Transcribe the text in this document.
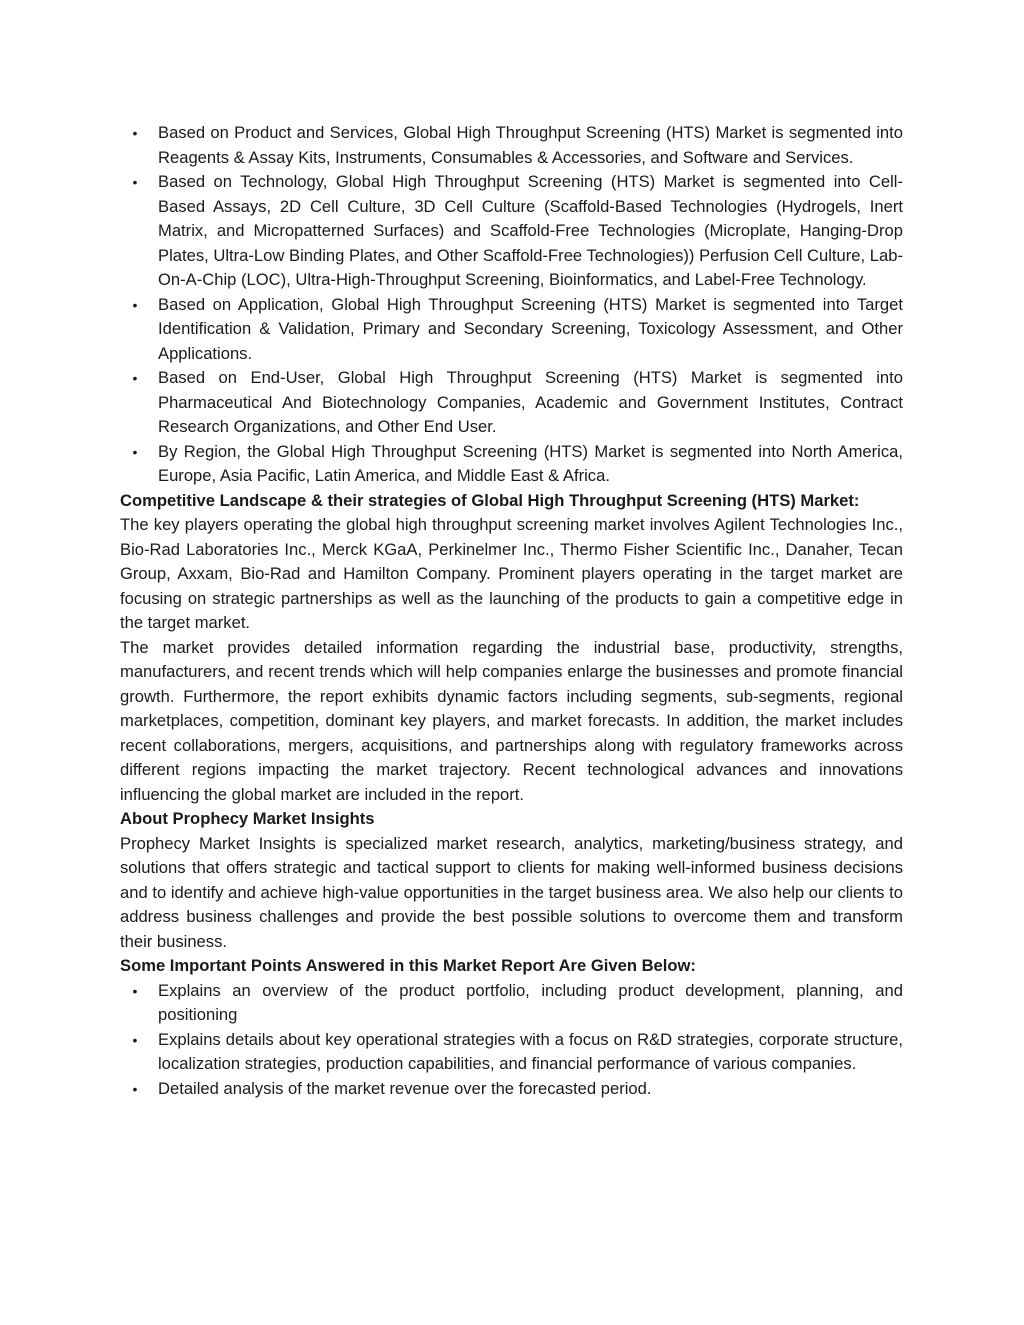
• Based on Product and Services, Global High Throughput Screening (HTS) Market is segmented into Reagents & Assay Kits, Instruments, Consumables & Accessories, and Software and Services.
• Based on Technology, Global High Throughput Screening (HTS) Market is segmented into Cell-Based Assays, 2D Cell Culture, 3D Cell Culture (Scaffold-Based Technologies (Hydrogels, Inert Matrix, and Micropatterned Surfaces) and Scaffold-Free Technologies (Microplate, Hanging-Drop Plates, Ultra-Low Binding Plates, and Other Scaffold-Free Technologies)) Perfusion Cell Culture, Lab-On-A-Chip (LOC), Ultra-High-Throughput Screening, Bioinformatics, and Label-Free Technology.
• Based on Application, Global High Throughput Screening (HTS) Market is segmented into Target Identification & Validation, Primary and Secondary Screening, Toxicology Assessment, and Other Applications.
• Based on End-User, Global High Throughput Screening (HTS) Market is segmented into Pharmaceutical And Biotechnology Companies, Academic and Government Institutes, Contract Research Organizations, and Other End User.
• By Region, the Global High Throughput Screening (HTS) Market is segmented into North America, Europe, Asia Pacific, Latin America, and Middle East & Africa.
Competitive Landscape & their strategies of Global High Throughput Screening (HTS) Market:

The key players operating the global high throughput screening market involves Agilent Technologies Inc., Bio-Rad Laboratories Inc., Merck KGaA, Perkinelmer Inc., Thermo Fisher Scientific Inc., Danaher, Tecan Group, Axxam, Bio-Rad and Hamilton Company. Prominent players operating in the target market are focusing on strategic partnerships as well as the launching of the products to gain a competitive edge in the target market.

The market provides detailed information regarding the industrial base, productivity, strengths, manufacturers, and recent trends which will help companies enlarge the businesses and promote financial growth. Furthermore, the report exhibits dynamic factors including segments, sub-segments, regional marketplaces, competition, dominant key players, and market forecasts. In addition, the market includes recent collaborations, mergers, acquisitions, and partnerships along with regulatory frameworks across different regions impacting the market trajectory. Recent technological advances and innovations influencing the global market are included in the report.

About Prophecy Market Insights

Prophecy Market Insights is specialized market research, analytics, marketing/business strategy, and solutions that offers strategic and tactical support to clients for making well-informed business decisions and to identify and achieve high-value opportunities in the target business area. We also help our clients to address business challenges and provide the best possible solutions to overcome them and transform their business.

Some Important Points Answered in this Market Report Are Given Below:
• Explains an overview of the product portfolio, including product development, planning, and positioning
• Explains details about key operational strategies with a focus on R&D strategies, corporate structure, localization strategies, production capabilities, and financial performance of various companies.
• Detailed analysis of the market revenue over the forecasted period.
